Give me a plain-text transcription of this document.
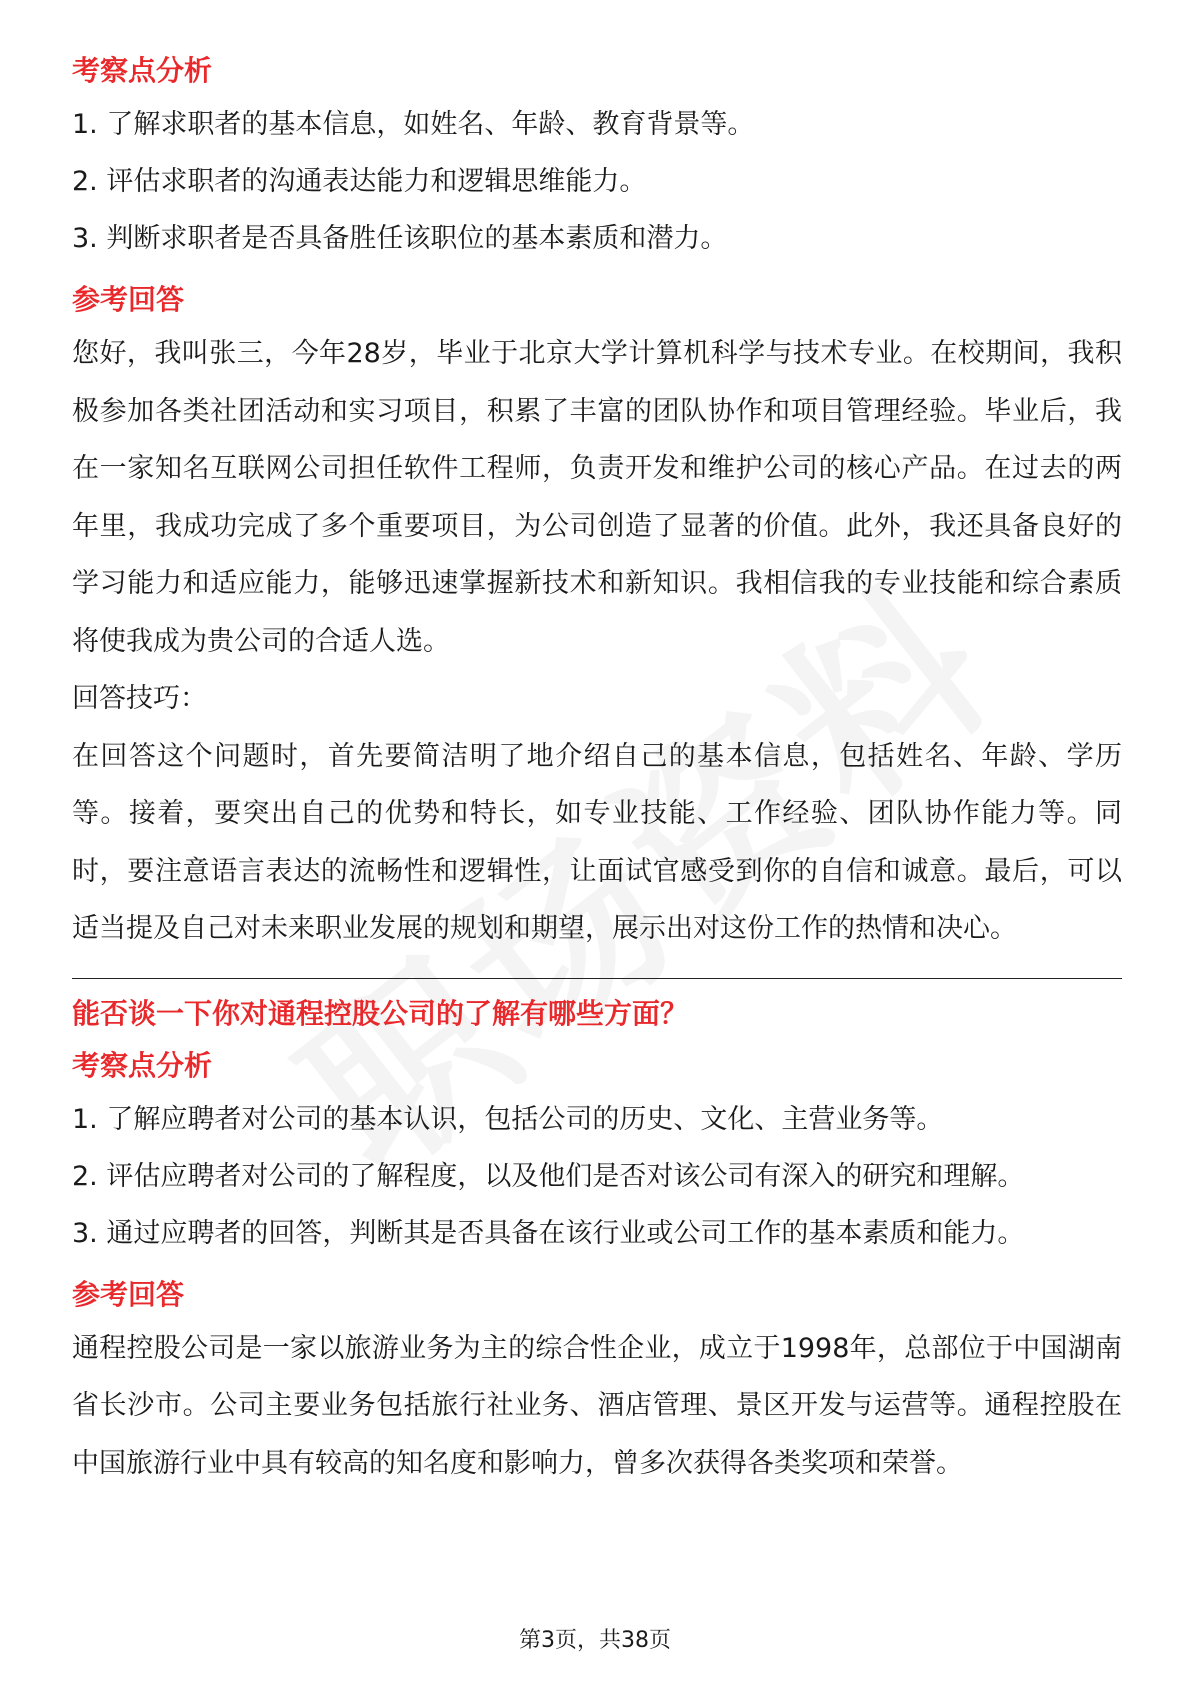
考察点分析

1. 了解求职者的基本信息，如姓名、年龄、教育背景等。

2. 评估求职者的沟通表达能力和逻辑思维能力。

3. 判断求职者是否具备胜任该职位的基本素质和潜力。

参考回答

您好，我叫张三，今年28岁，毕业于北京大学计算机科学与技术专业。在校期间，我积极参加各类社团活动和实习项目，积累了丰富的团队协作和项目管理经验。毕业后，我在一家知名互联网公司担任软件工程师，负责开发和维护公司的核心产品。在过去的两年里，我成功完成了多个重要项目，为公司创造了显著的价值。此外，我还具备良好的学习能力和适应能力，能够迅速掌握新技术和新知识。我相信我的专业技能和综合素质将使我成为贵公司的合适人选。

回答技巧：

在回答这个问题时，首先要简洁明了地介绍自己的基本信息，包括姓名、年龄、学历等。接着，要突出自己的优势和特长，如专业技能、工作经验、团队协作能力等。同时，要注意语言表达的流畅性和逻辑性，让面试官感受到你的自信和诚意。最后，可以适当提及自己对未来职业发展的规划和期望，展示出对这份工作的热情和决心。

能否谈一下你对通程控股公司的了解有哪些方面？
考察点分析

1. 了解应聘者对公司的基本认识，包括公司的历史、文化、主营业务等。

2. 评估应聘者对公司的了解程度，以及他们是否对该公司有深入的研究和理解。

3. 通过应聘者的回答，判断其是否具备在该行业或公司工作的基本素质和能力。

参考回答

通程控股公司是一家以旅游业务为主的综合性企业，成立于1998年，总部位于中国湖南省长沙市。公司主要业务包括旅行社业务、酒店管理、景区开发与运营等。通程控股在中国旅游行业中具有较高的知名度和影响力，曾多次获得各类奖项和荣誉。

第3页，共38页
